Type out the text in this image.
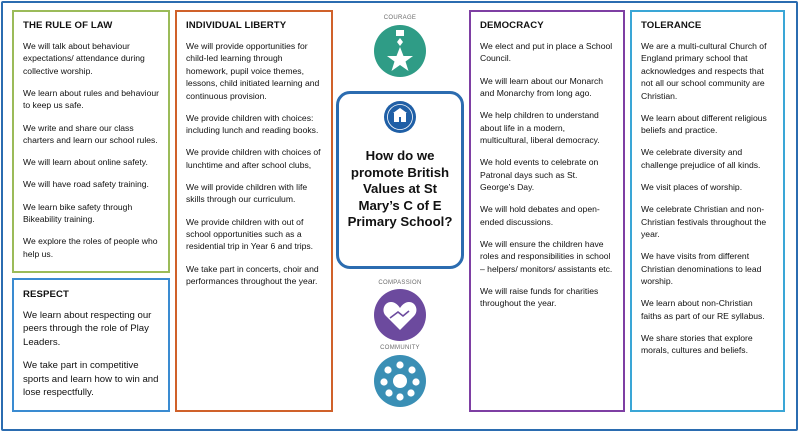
THE RULE OF LAW

We will talk about behaviour expectations/ attendance during collective worship.

We learn about rules and behaviour to keep us safe.

We write and share our class charters and learn our school rules.

We will learn about online safety.

We will have road safety training.

We learn bike safety through Bikeability training.

We explore the roles of people who help us.

RESPECT

We learn about respecting our peers through the role of Play Leaders.

We take part in competitive sports and learn how to win and lose respectfully.

INDIVIDUAL LIBERTY

We will provide opportunities for child-led learning through homework, pupil voice themes, lessons, child initiated learning and continuous provision.

We provide children with choices: including lunch and reading books.

We provide children with choices of lunchtime and after school clubs,

We will provide children with life skills through our curriculum.

We provide children with out of school opportunities such as a residential trip in Year 6 and trips.

We take part in concerts, choir and performances throughout the year.

COURAGE
How do we promote British Values at St Mary’s C of E Primary School?
COMPASSION
COMMUNITY
DEMOCRACY

We elect and put in place a School Council.

We will learn about our Monarch and Monarchy from long ago.

We help children to understand about life in a modern, multicultural, liberal democracy.

We hold events to celebrate on Patronal days such as St. George’s Day.

We will hold debates and open-ended discussions.

We will ensure the children have roles and responsibilities in school – helpers/ monitors/ assistants etc.

We will raise funds for charities throughout the year.

TOLERANCE

We are a multi-cultural Church of England primary school that acknowledges and respects that not all our school community are Christian.

We learn about different religious beliefs and practice.

We celebrate diversity and challenge prejudice of all kinds.

We visit places of worship.

We celebrate Christian and non-Christian festivals throughout the year.

We have visits from different Christian denominations to lead worship.

We learn about non-Christian faiths as part of our RE syllabus.

We share stories that explore morals, cultures and beliefs.
